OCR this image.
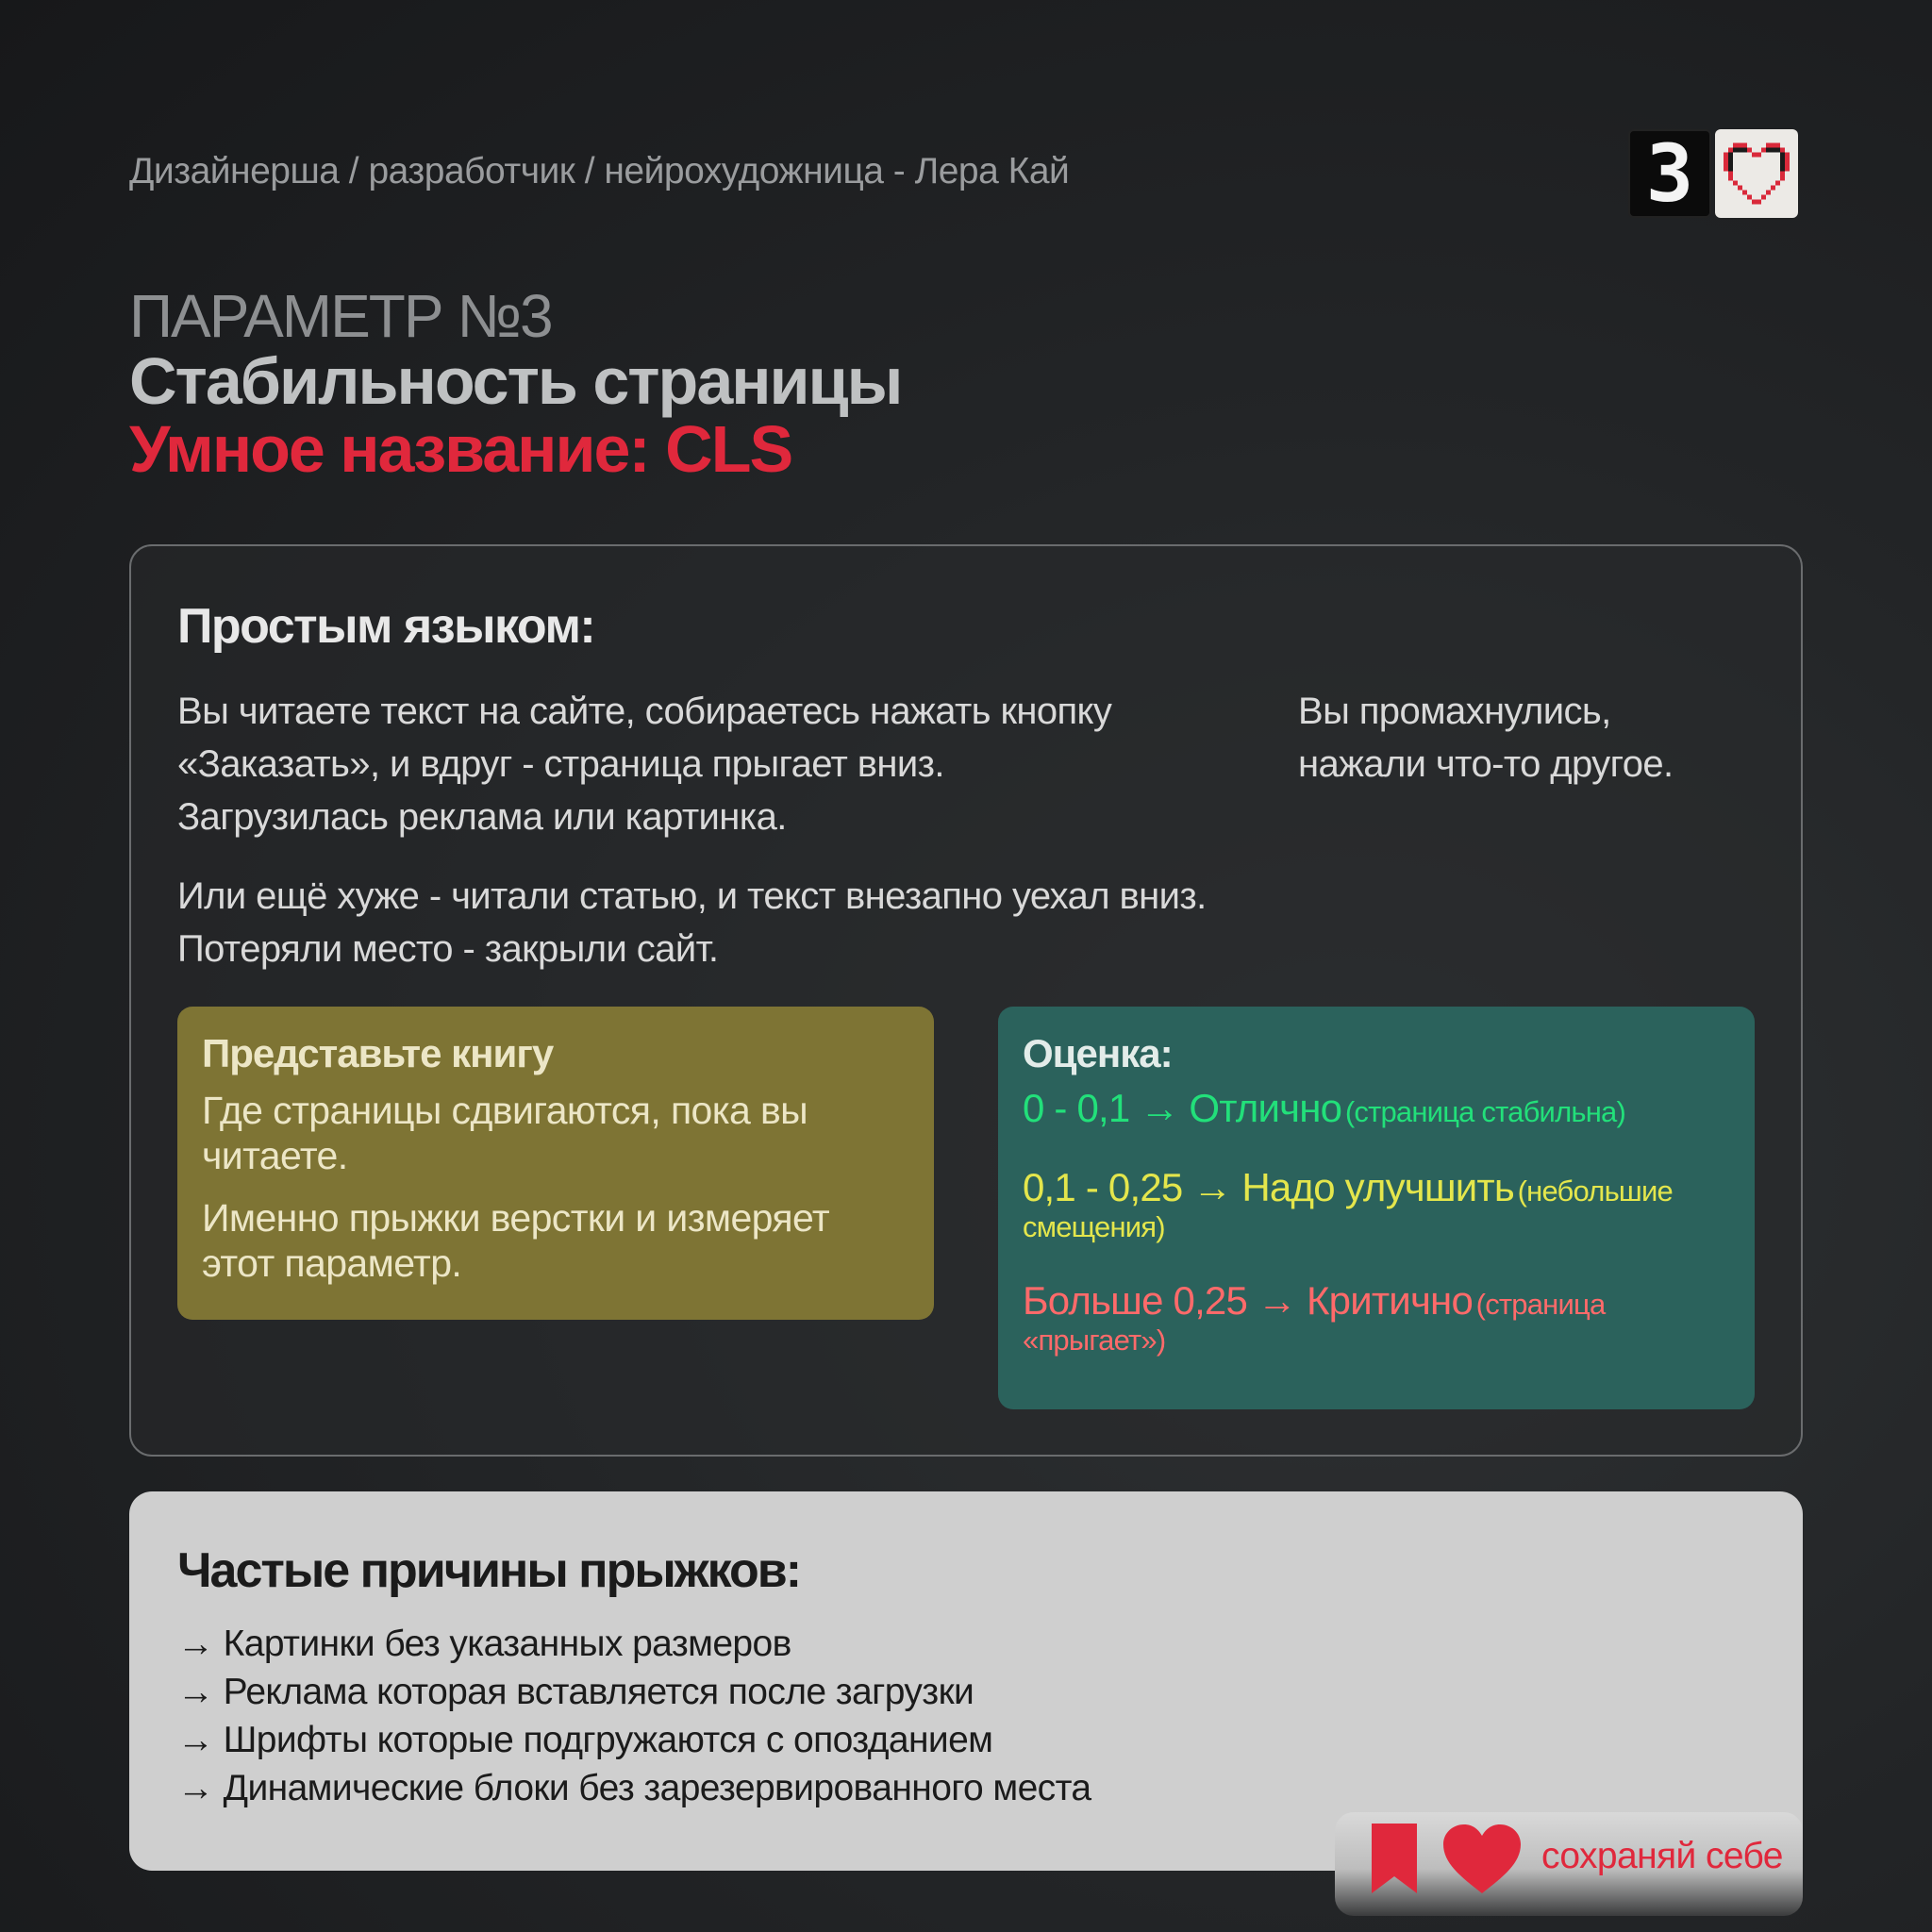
Дизайнерша / разработчик / нейрохудожница - Лера Кай	3
ПАРАМЕТР №3
Стабильность страницы
Умное название: CLS
Простым языком:
Вы читаете текст на сайте, собираетесь нажать кнопку
«Заказать», и вдруг - страница прыгает вниз.
Загрузилась реклама или картинка.
Вы промахнулись,
нажали что-то другое.
Или ещё хуже - читали статью, и текст внезапно уехал вниз.
Потеряли место - закрыли сайт.
Представьте книгу
Где страницы сдвигаются, пока вы читаете.
Именно прыжки верстки и измеряет этот параметр.
Оценка:
0 - 0,1 → Отлично (страница стабильна)
0,1 - 0,25 → Надо улучшить (небольшие смещения)
Больше 0,25 → Критично (страница «прыгает»)
Частые причины прыжков:
→ Картинки без указанных размеров
→ Реклама которая вставляется после загрузки
→ Шрифты которые подгружаются с опозданием
→ Динамические блоки без зарезервированного места
сохраняй себе
